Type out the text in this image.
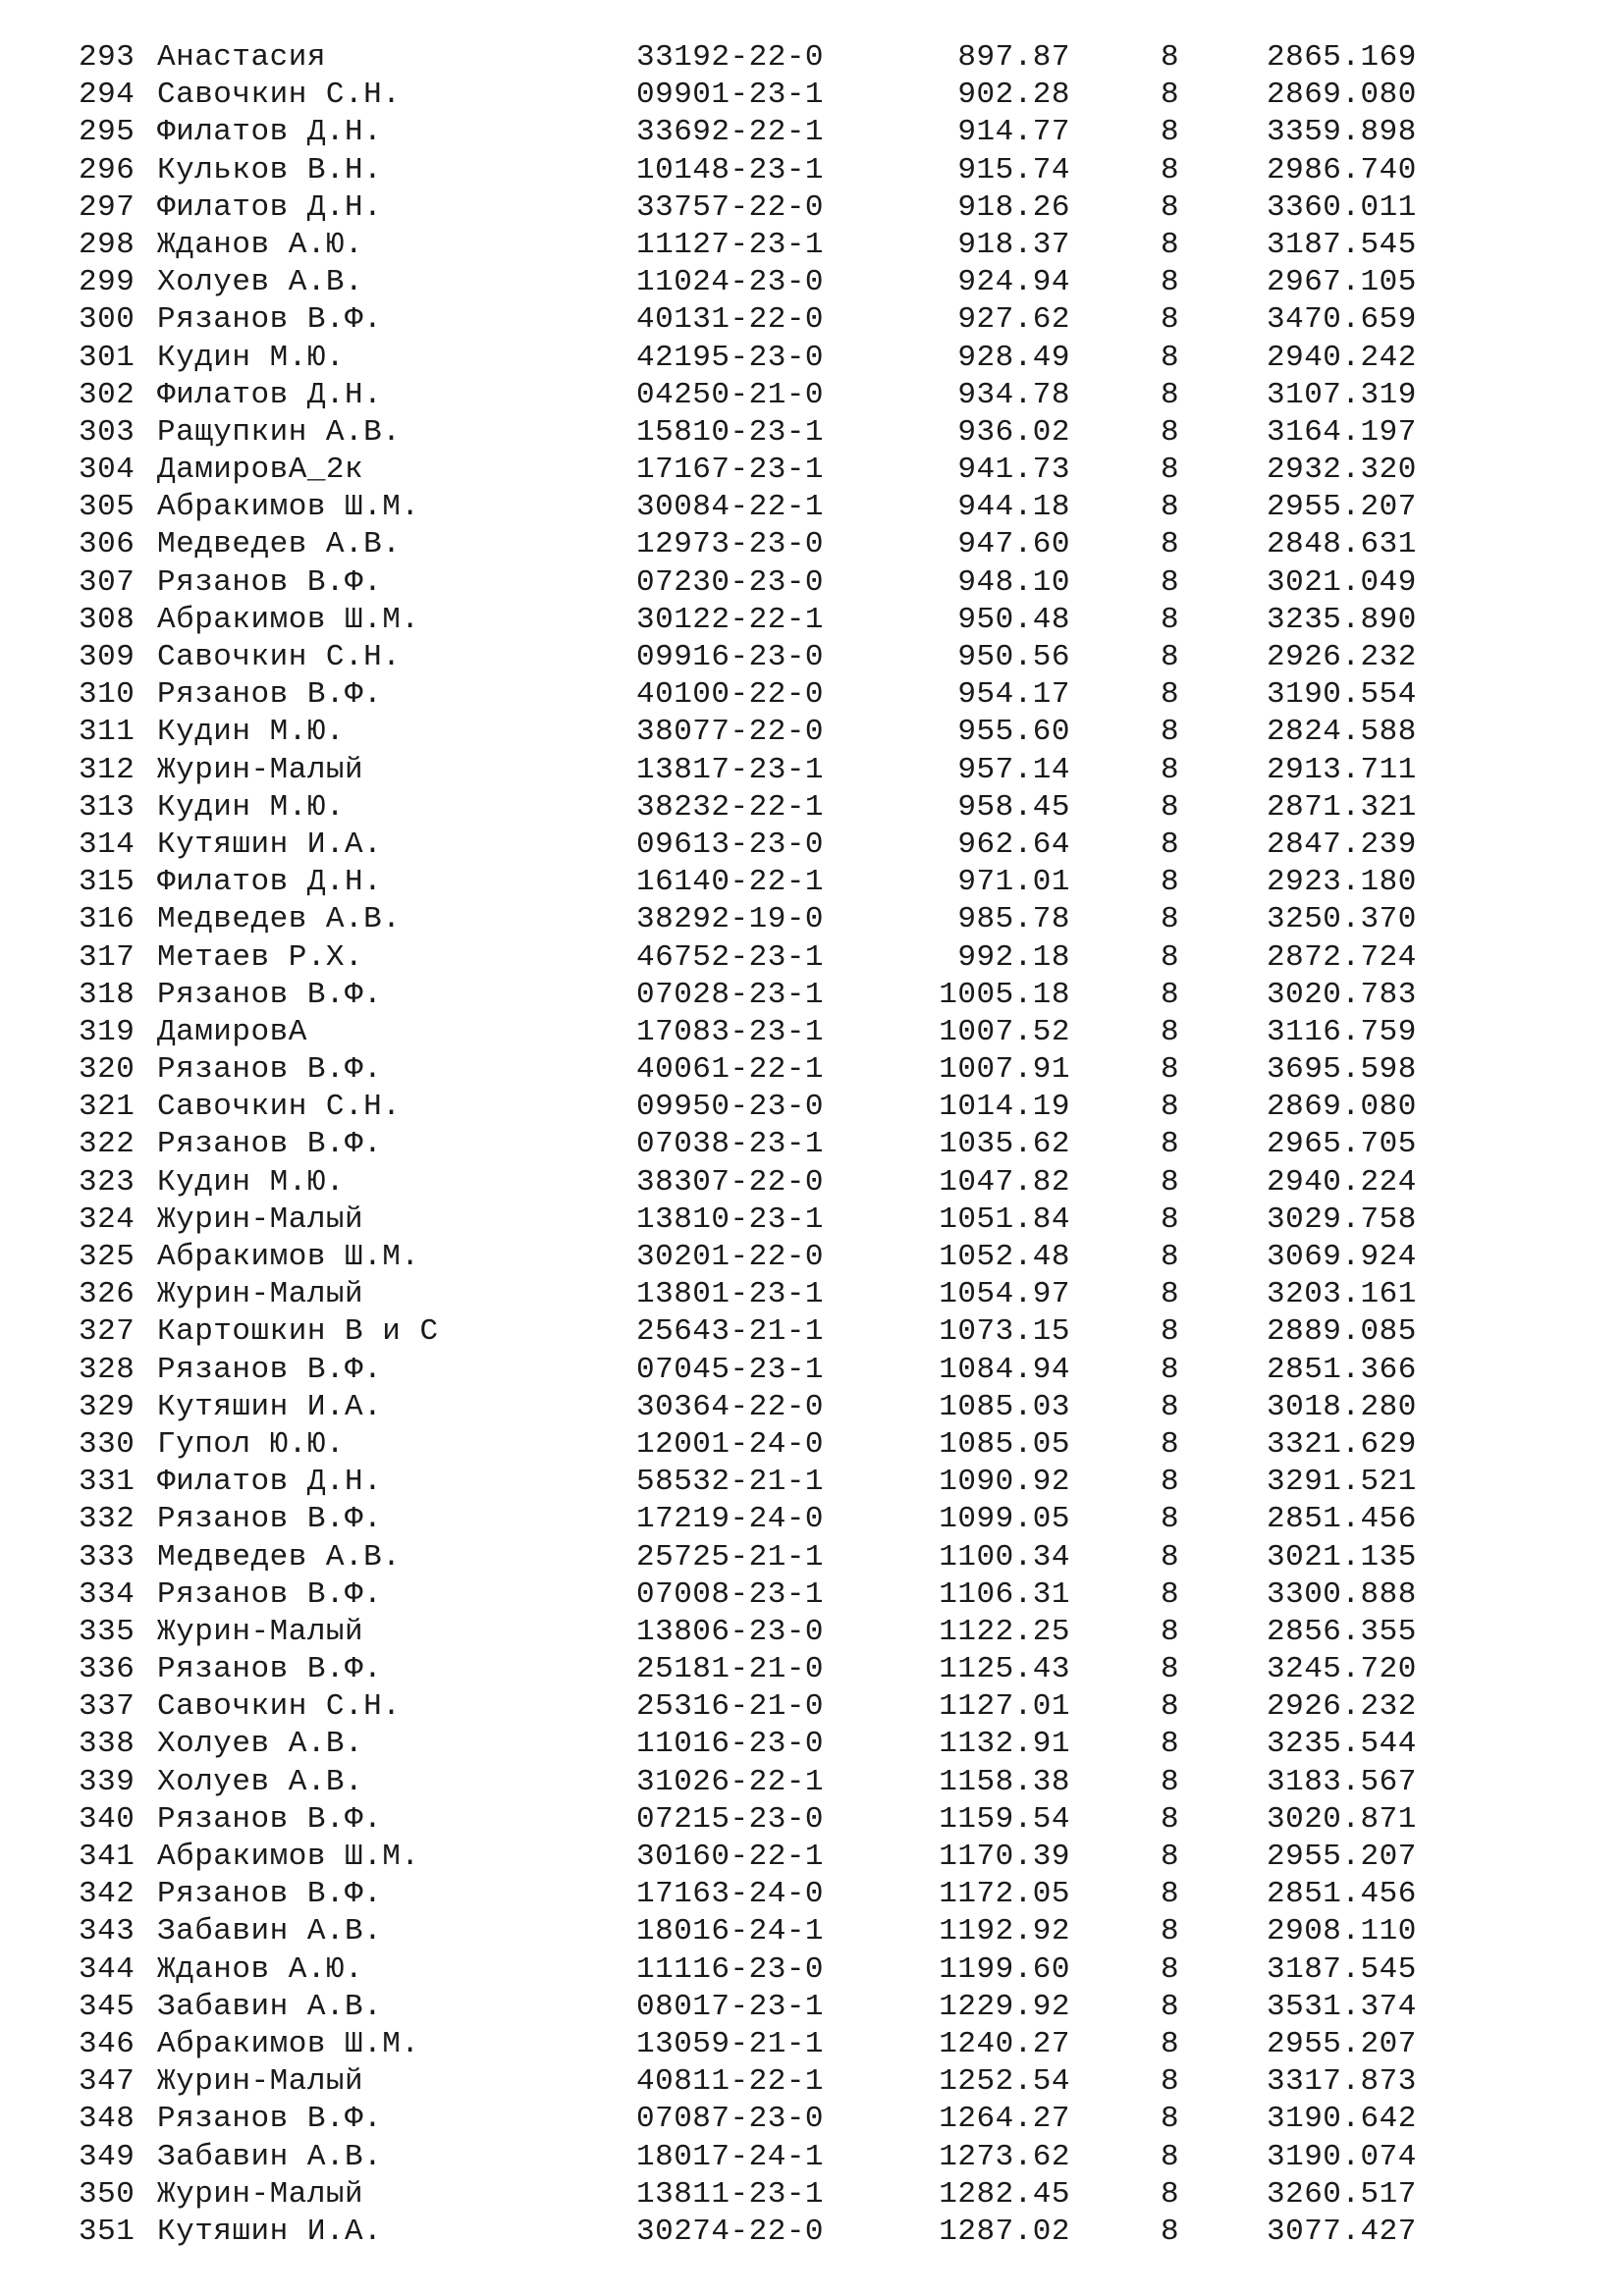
293 Анастасия	33192-22-0	897.87	8	2865.169
294 Савочкин С.Н.	09901-23-1	902.28	8	2869.080
295 Филатов Д.Н.	33692-22-1	914.77	8	3359.898
296 Кульков В.Н.	10148-23-1	915.74	8	2986.740
297 Филатов Д.Н.	33757-22-0	918.26	8	3360.011
298 Жданов А.Ю.	11127-23-1	918.37	8	3187.545
299 Холуев А.В.	11024-23-0	924.94	8	2967.105
300 Рязанов В.Ф.	40131-22-0	927.62	8	3470.659
301 Кудин М.Ю.	42195-23-0	928.49	8	2940.242
302 Филатов Д.Н.	04250-21-0	934.78	8	3107.319
303 Ращупкин А.В.	15810-23-1	936.02	8	3164.197
304 ДамировА_2к	17167-23-1	941.73	8	2932.320
305 Абракимов Ш.М.	30084-22-1	944.18	8	2955.207
306 Медведев А.В.	12973-23-0	947.60	8	2848.631
307 Рязанов В.Ф.	07230-23-0	948.10	8	3021.049
308 Абракимов Ш.М.	30122-22-1	950.48	8	3235.890
309 Савочкин С.Н.	09916-23-0	950.56	8	2926.232
310 Рязанов В.Ф.	40100-22-0	954.17	8	3190.554
311 Кудин М.Ю.	38077-22-0	955.60	8	2824.588
312 Журин-Малый	13817-23-1	957.14	8	2913.711
313 Кудин М.Ю.	38232-22-1	958.45	8	2871.321
314 Кутяшин И.А.	09613-23-0	962.64	8	2847.239
315 Филатов Д.Н.	16140-22-1	971.01	8	2923.180
316 Медведев А.В.	38292-19-0	985.78	8	3250.370
317 Метаев Р.Х.	46752-23-1	992.18	8	2872.724
318 Рязанов В.Ф.	07028-23-1	1005.18	8	3020.783
319 ДамировА	17083-23-1	1007.52	8	3116.759
320 Рязанов В.Ф.	40061-22-1	1007.91	8	3695.598
321 Савочкин С.Н.	09950-23-0	1014.19	8	2869.080
322 Рязанов В.Ф.	07038-23-1	1035.62	8	2965.705
323 Кудин М.Ю.	38307-22-0	1047.82	8	2940.224
324 Журин-Малый	13810-23-1	1051.84	8	3029.758
325 Абракимов Ш.М.	30201-22-0	1052.48	8	3069.924
326 Журин-Малый	13801-23-1	1054.97	8	3203.161
327 Картошкин В и С	25643-21-1	1073.15	8	2889.085
328 Рязанов В.Ф.	07045-23-1	1084.94	8	2851.366
329 Кутяшин И.А.	30364-22-0	1085.03	8	3018.280
330 Гупол Ю.Ю.	12001-24-0	1085.05	8	3321.629
331 Филатов Д.Н.	58532-21-1	1090.92	8	3291.521
332 Рязанов В.Ф.	17219-24-0	1099.05	8	2851.456
333 Медведев А.В.	25725-21-1	1100.34	8	3021.135
334 Рязанов В.Ф.	07008-23-1	1106.31	8	3300.888
335 Журин-Малый	13806-23-0	1122.25	8	2856.355
336 Рязанов В.Ф.	25181-21-0	1125.43	8	3245.720
337 Савочкин С.Н.	25316-21-0	1127.01	8	2926.232
338 Холуев А.В.	11016-23-0	1132.91	8	3235.544
339 Холуев А.В.	31026-22-1	1158.38	8	3183.567
340 Рязанов В.Ф.	07215-23-0	1159.54	8	3020.871
341 Абракимов Ш.М.	30160-22-1	1170.39	8	2955.207
342 Рязанов В.Ф.	17163-24-0	1172.05	8	2851.456
343 Забавин А.В.	18016-24-1	1192.92	8	2908.110
344 Жданов А.Ю.	11116-23-0	1199.60	8	3187.545
345 Забавин А.В.	08017-23-1	1229.92	8	3531.374
346 Абракимов Ш.М.	13059-21-1	1240.27	8	2955.207
347 Журин-Малый	40811-22-1	1252.54	8	3317.873
348 Рязанов В.Ф.	07087-23-0	1264.27	8	3190.642
349 Забавин А.В.	18017-24-1	1273.62	8	3190.074
350 Журин-Малый	13811-23-1	1282.45	8	3260.517
351 Кутяшин И.А.	30274-22-0	1287.02	8	3077.427
